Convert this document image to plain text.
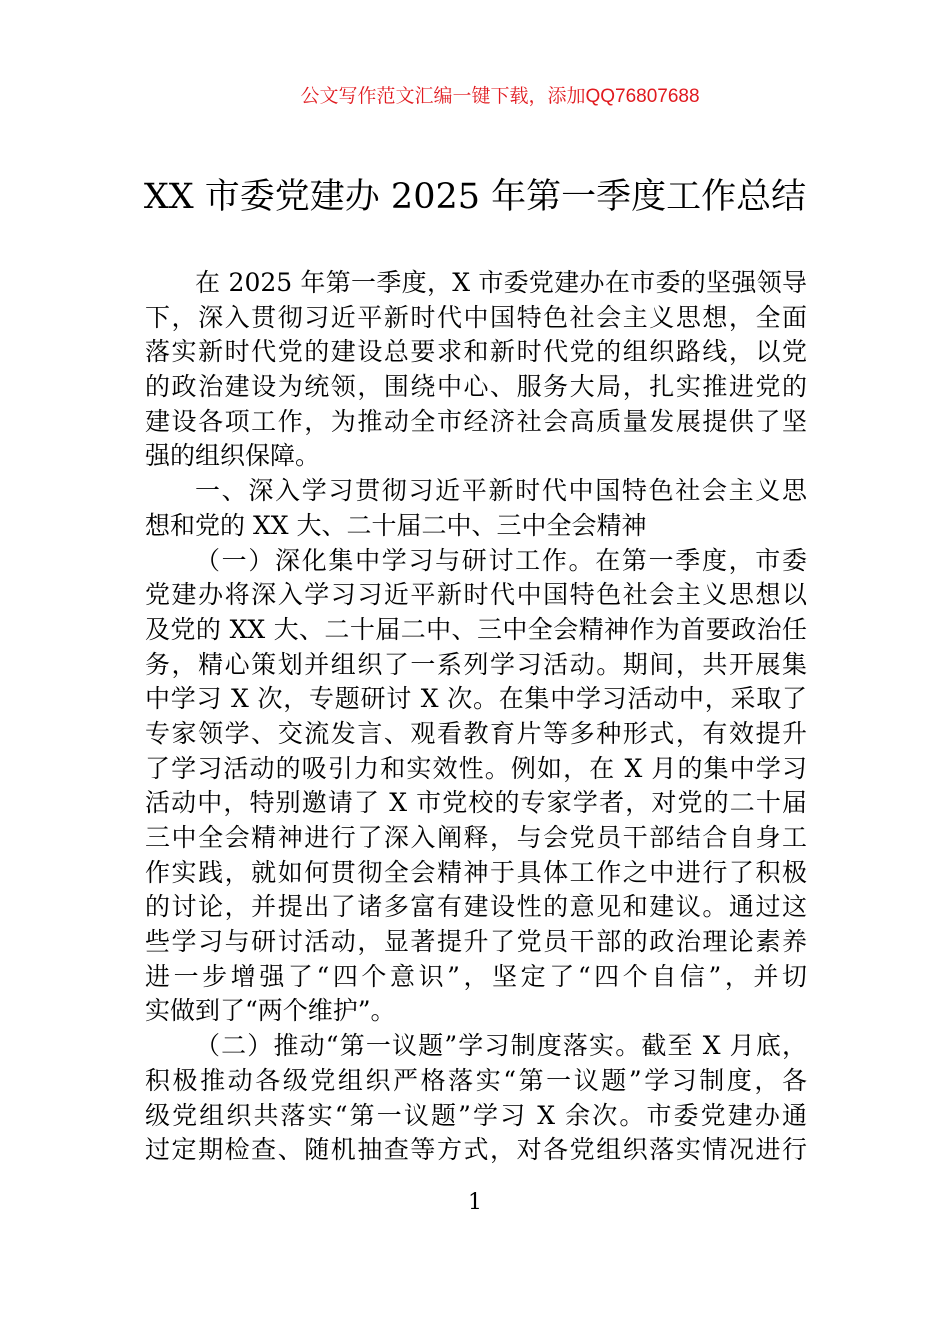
公文写作范文汇编一键下载，添加QQ76807688
XX 市委党建办 2025 年第一季度工作总结
在 2025 年第一季度，X 市委党建办在市委的坚强领导
下，深入贯彻习近平新时代中国特色社会主义思想，全面
落实新时代党的建设总要求和新时代党的组织路线，以党
的政治建设为统领，围绕中心、服务大局，扎实推进党的
建设各项工作，为推动全市经济社会高质量发展提供了坚
强的组织保障。
一、深入学习贯彻习近平新时代中国特色社会主义思
想和党的 XX 大、二十届二中、三中全会精神
（一）深化集中学习与研讨工作。在第一季度，市委
党建办将深入学习习近平新时代中国特色社会主义思想以
及党的 XX 大、二十届二中、三中全会精神作为首要政治任
务，精心策划并组织了一系列学习活动。期间，共开展集
中学习 X 次，专题研讨 X 次。在集中学习活动中，采取了
专家领学、交流发言、观看教育片等多种形式，有效提升
了学习活动的吸引力和实效性。例如，在 X 月的集中学习
活动中，特别邀请了 X 市党校的专家学者，对党的二十届
三中全会精神进行了深入阐释，与会党员干部结合自身工
作实践，就如何贯彻全会精神于具体工作之中进行了积极
的讨论，并提出了诸多富有建设性的意见和建议。通过这
些学习与研讨活动，显著提升了党员干部的政治理论素养
进一步增强了“四个意识”，坚定了“四个自信”，并切
实做到了“两个维护”。
（二）推动“第一议题”学习制度落实。截至 X 月底，
积极推动各级党组织严格落实“第一议题”学习制度，各
级党组织共落实“第一议题”学习 X 余次。市委党建办通
过定期检查、随机抽查等方式，对各党组织落实情况进行
1
